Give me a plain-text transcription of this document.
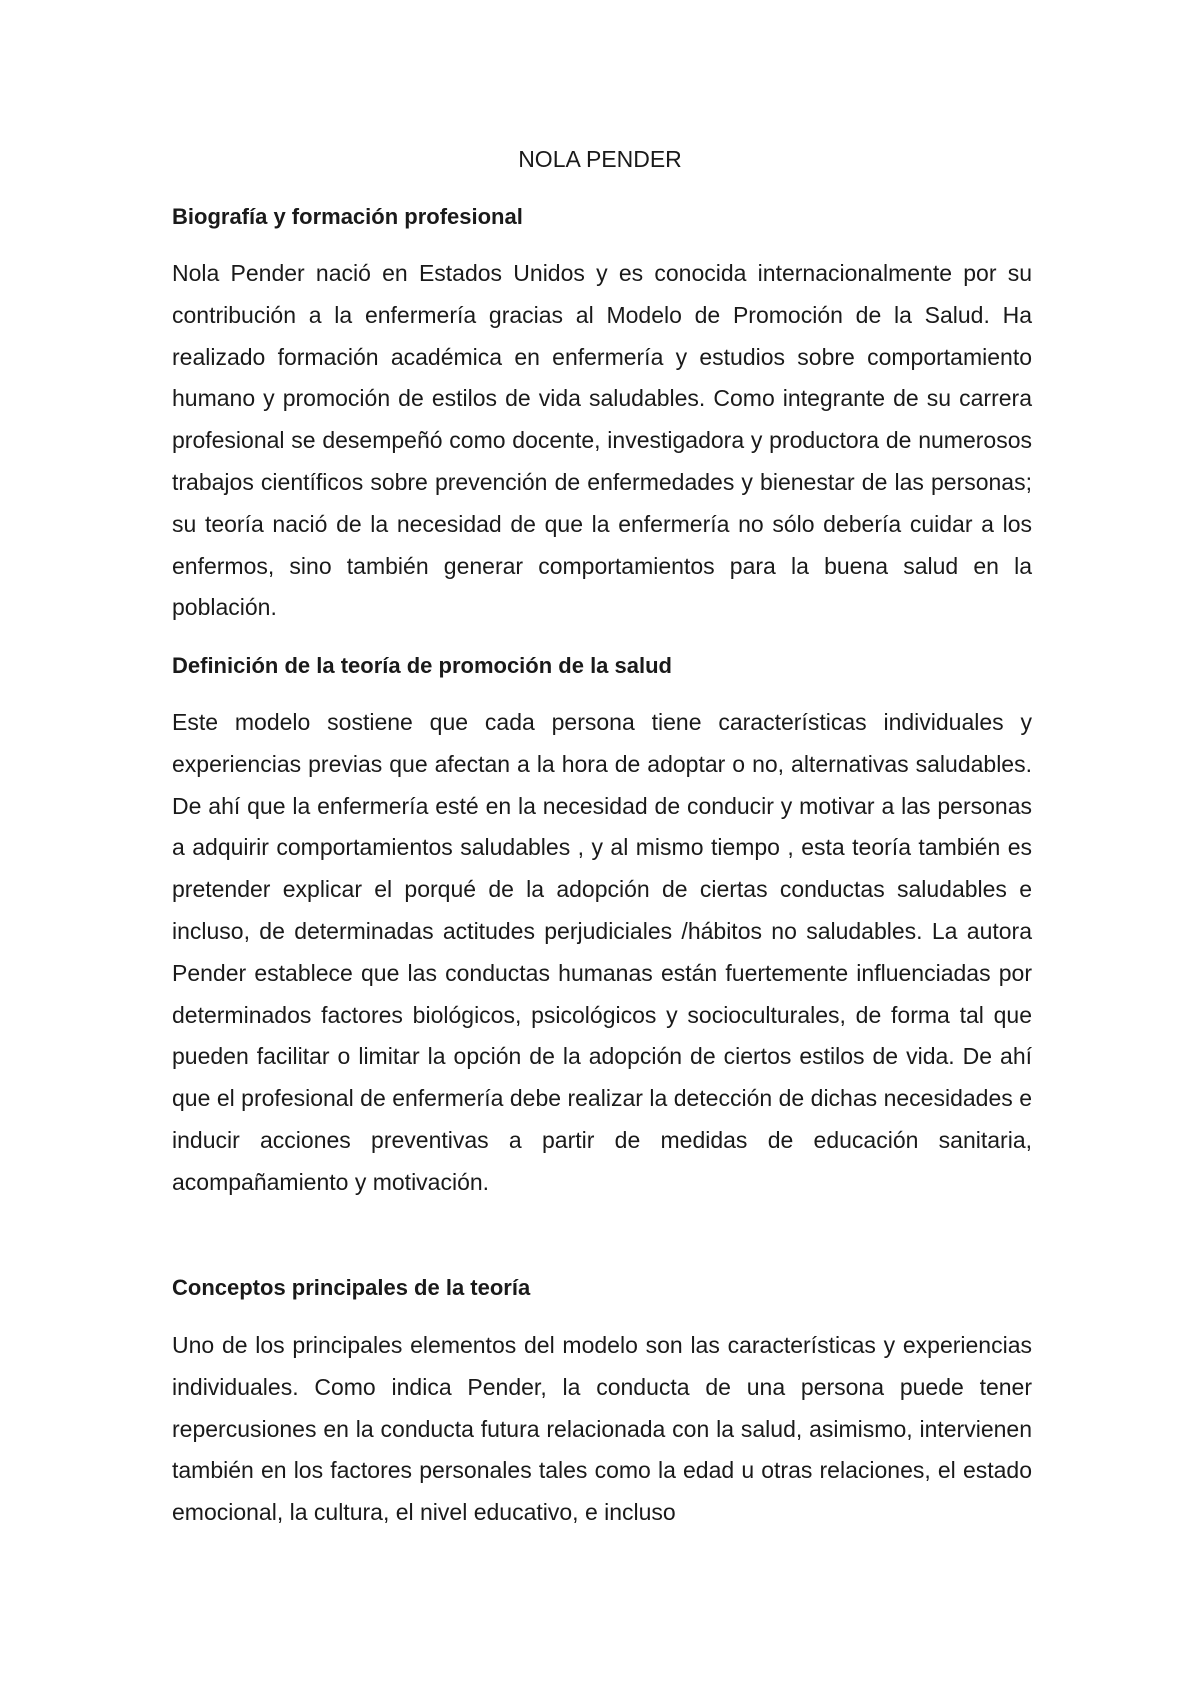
NOLA PENDER
Biografía y formación profesional

Nola Pender nació en Estados Unidos y es conocida internacionalmente por su contribución a la enfermería gracias al Modelo de Promoción de la Salud. Ha realizado formación académica en enfermería y estudios sobre comportamiento humano y promoción de estilos de vida saludables. Como integrante de su carrera profesional se desempeñó como docente, investigadora y productora de numerosos trabajos científicos sobre prevención de enfermedades y bienestar de las personas; su teoría nació de la necesidad de que la enfermería no sólo debería cuidar a los enfermos, sino también generar comportamientos para la buena salud en la población.

Definición de la teoría de promoción de la salud

Este modelo sostiene que cada persona tiene características individuales y experiencias previas que afectan a la hora de adoptar o no, alternativas saludables. De ahí que la enfermería esté en la necesidad de conducir y motivar a las personas a adquirir comportamientos saludables , y al mismo tiempo , esta teoría también es pretender explicar el porqué de la adopción de ciertas conductas saludables e incluso, de determinadas actitudes perjudiciales /hábitos no saludables. La autora Pender establece que las conductas humanas están fuertemente influenciadas por determinados factores biológicos, psicológicos y socioculturales, de forma tal que pueden facilitar o limitar la opción de la adopción de ciertos estilos de vida. De ahí que el profesional de enfermería debe realizar la detección de dichas necesidades e inducir acciones preventivas a partir de medidas de educación sanitaria, acompañamiento y motivación.

Conceptos principales de la teoría

Uno de los principales elementos del modelo son las características y experiencias individuales. Como indica Pender, la conducta de una persona puede tener repercusiones en la conducta futura relacionada con la salud, asimismo, intervienen también en los factores personales tales como la edad u otras relaciones, el estado emocional, la cultura, el nivel educativo, e incluso
